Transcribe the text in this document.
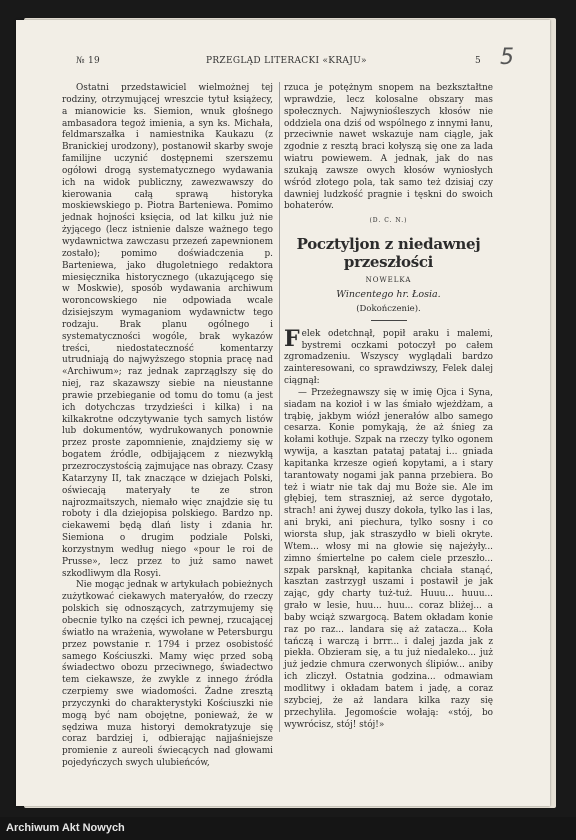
№ 19	PRZEGLĄD LITERACKI «KRAJU»	5 5

Ostatni przedstawiciel wielmożnej tej rodziny, otrzymującej wreszcie tytuł książecy, a mianowicie ks. Siemion, wnuk głośnego ambasadora tegoż imienia, a syn ks. Michała, feldmarszałka i namiestnika Kaukazu (z Branickiej urodzony), postanowił skarby swoje familijne uczynić dostępnemi szerszemu ogółowi drogą systematycznego wydawania ich na widok publiczny, zawezwawszy do kierowania całą sprawą historyka moskiewskiego p. Piotra Barteniewa. Pomimo jednak hojności księcia, od lat kilku już nie żyjącego (lecz istnienie dalsze ważnego tego wydawnictwa zawczasu przezeń zapewnionem zostało); pomimo doświadczenia p. Barteniewa, jako długoletniego redaktora miesięcznika historycznego (ukazującego się w Moskwie), sposób wydawania archiwum woroncowskiego nie odpowiada wcale dzisiejszym wymaganiom wydawnictw tego rodzaju. Brak planu ogólnego i systematyczności wogóle, brak wykazów treści, niedostateczność komentarzy utrudniają do najwyższego stopnia pracę nad «Archiwum»; raz jednak zaprzągłszy się do niej, raz skazawszy siebie na nieustanne prawie przebieganie od tomu do tomu (a jest ich dotychczas trzydzieści i kilka) i na kilkakrotne odczytywanie tych samych listów lub dokumentów, wydrukowanych ponownie przez proste zapomnienie, znajdziemy się w bogatem źródle, odbijającem z niezwykłą przezroczystością zajmujące nas obrazy. Czasy Katarzyny II, tak znaczące w dziejach Polski, oświecają materyały te ze stron najrozmaitszych, niemało więc znajdzie się tu roboty i dla dziejopisa polskiego. Bardzo np. ciekawemi będą dlań listy i zdania hr. Siemiona o drugim podziale Polski, korzystnym według niego «pour le roi de Prusse», lecz przez to już samo nawet szkodliwym dla Rosyi.

Nie mogąc jednak w artykułach pobieżnych zużytkować ciekawych materyałów, do rzeczy polskich się odnoszących, zatrzymujemy się obecnie tylko na części ich pewnej, rzucającej światło na wrażenia, wywołane w Petersburgu przez powstanie r. 1794 i przez osobistość samego Kościuszki. Mamy więc przed sobą świadectwo obozu przeciwnego, świadectwo tem ciekawsze, że zwykle z innego źródła czerpiemy swe wiadomości. Żadne zresztą przyczynki do charakterystyki Kościuszki nie mogą być nam obojętne, ponieważ, że w sędziwa muza historyi demokratyzuje się coraz bardziej i, odbierając najjaśniejsze promienie z aureoli świecących nad głowami pojedyńczych swych ulubieńców,

rzuca je potężnym snopem na bezkształtne wprawdzie, lecz kolosalne obszary mas społecznych. Najwyniośleszych kłosów nie oddziela ona dziś od wspólnego z innymi łanu, przeciwnie nawet wskazuje nam ciągle, jak zgodnie z resztą braci kołyszą się one za lada wiatru powiewem. A jednak, jak do nas szukają zawsze owych kłosów wyniosłych wśród złotego pola, tak samo też dzisiaj czy dawniej ludzkość pragnie i tęskni do swoich bohaterów.

(D. C. N.)
Pocztyljon z niedawnej przeszłości
NOWELKA
Wincentego hr. Łosia.
(Dokończenie).

Felek odetchnął, popił araku i malemi, bystremi oczkami potoczył po całem zgromadzeniu. Wszyscy wyglądali bardzo zainteresowani, co sprawdziwszy, Felek dalej ciągnął:

— Przeżegnawszy się w imię Ojca i Syna, siadam na kozioł i w las śmiało wjeżdżam, a trąbię, jakbym wiózł jenerałów albo samego cesarza. Konie pomykają, że aż śnieg za kołami kotłuje. Szpak na rzeczy tylko ogonem wywija, a kasztan patataj patataj i... gniada kapitanka krzesze ogień kopytami, a i stary tarantowaty nogami jak panna przebiera. Bo też i wiatr nie tak daj mu Boże sie. Ale im głębiej, tem straszniej, aż serce dygotało, strach! ani żywej duszy dokoła, tylko las i las, ani bryki, ani piechura, tylko sosny i co wiorsta słup, jak straszydło w bieli okryte. Wtem... włosy mi na głowie się najeżyły... zimno śmiertelne po całem ciele przeszło... szpak parsknął, kapitanka chciała stanąć, kasztan zastrzygł uszami i postawił je jak zając, gdy charty tuż-tuż. Huuu... huuu... grało w lesie, huu... huu... coraz bliżej... a baby wciąż szwargocą. Batem okładam konie raz po raz... landara się aż zatacza... Koła tańczą i warczą i brrr... i dalej jazda jak z piekła. Obzieram się, a tu już niedaleko... już już jedzie chmura czerwonych ślipiów... aniby ich zliczył. Ostatnia godzina... odmawiam modlitwy i okładam batem i jadę, a coraz szybciej, że aż landara kilka razy się przechyliła. Jegomoście wołają: «stój, bo wywrócisz, stój! stój!»

Archiwum Akt Nowych
